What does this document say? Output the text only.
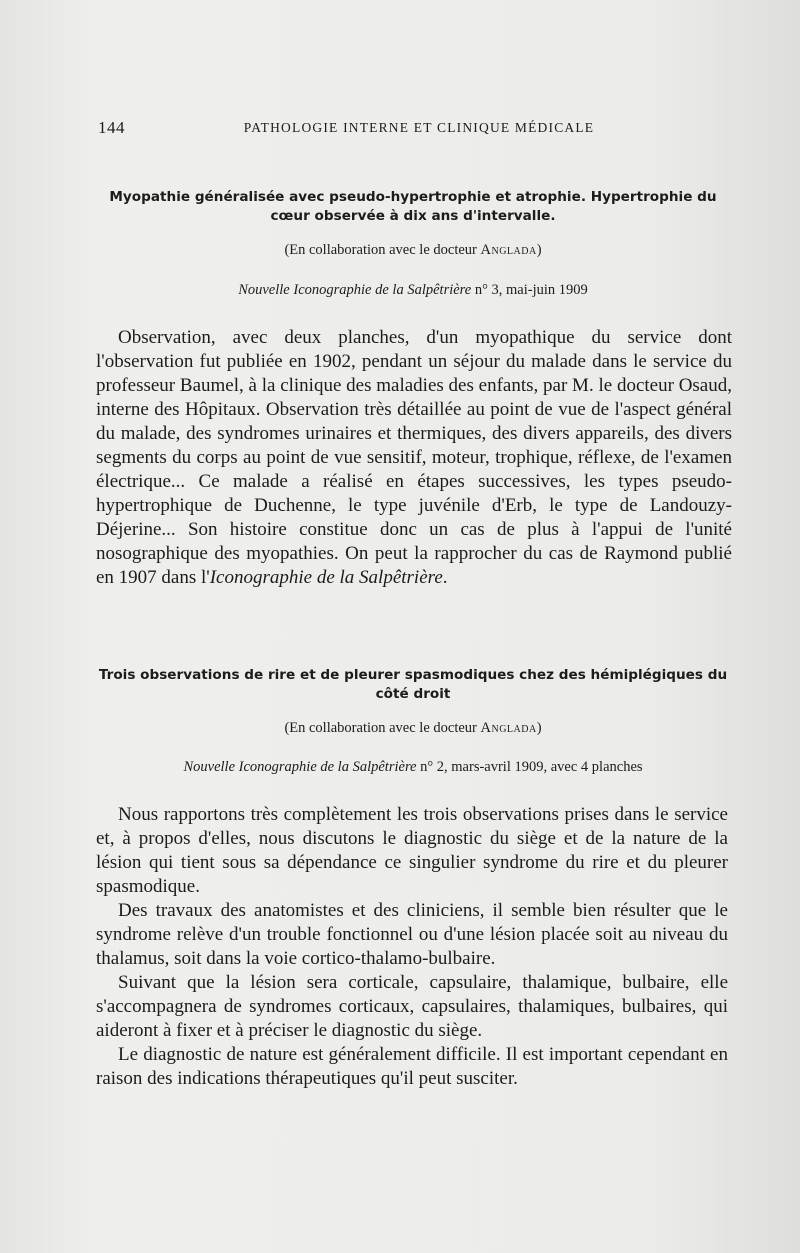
144	PATHOLOGIE INTERNE ET CLINIQUE MÉDICALE
Myopathie généralisée avec pseudo-hypertrophie et atrophie. Hypertrophie du cœur observée à dix ans d'intervalle.

(En collaboration avec le docteur Anglada)

Nouvelle Iconographie de la Salpêtrière n° 3, mai-juin 1909

Observation, avec deux planches, d'un myopathique du service dont l'observation fut publiée en 1902, pendant un séjour du malade dans le service du professeur Baumel, à la clinique des maladies des enfants, par M. le docteur Osaud, interne des Hôpitaux. Observation très détaillée au point de vue de l'aspect général du malade, des syndromes urinaires et thermiques, des divers appareils, des divers segments du corps au point de vue sensitif, moteur, trophique, réflexe, de l'examen électrique... Ce malade a réalisé en étapes successives, les types pseudo-hypertrophique de Duchenne, le type juvénile d'Erb, le type de Landouzy-Déjerine... Son histoire constitue donc un cas de plus à l'appui de l'unité nosographique des myopathies. On peut la rapprocher du cas de Raymond publié en 1907 dans l'Iconographie de la Salpêtrière.

Trois observations de rire et de pleurer spasmodiques chez des hémiplégiques du côté droit

(En collaboration avec le docteur Anglada)

Nouvelle Iconographie de la Salpêtrière n° 2, mars-avril 1909, avec 4 planches

Nous rapportons très complètement les trois observations prises dans le service et, à propos d'elles, nous discutons le diagnostic du siège et de la nature de la lésion qui tient sous sa dépendance ce singulier syndrome du rire et du pleurer spasmodique.

Des travaux des anatomistes et des cliniciens, il semble bien résulter que le syndrome relève d'un trouble fonctionnel ou d'une lésion placée soit au niveau du thalamus, soit dans la voie cortico-thalamo-bulbaire.

Suivant que la lésion sera corticale, capsulaire, thalamique, bulbaire, elle s'accompagnera de syndromes corticaux, capsulaires, thalamiques, bulbaires, qui aideront à fixer et à préciser le diagnostic du siège.

Le diagnostic de nature est généralement difficile. Il est important cependant en raison des indications thérapeutiques qu'il peut susciter.
